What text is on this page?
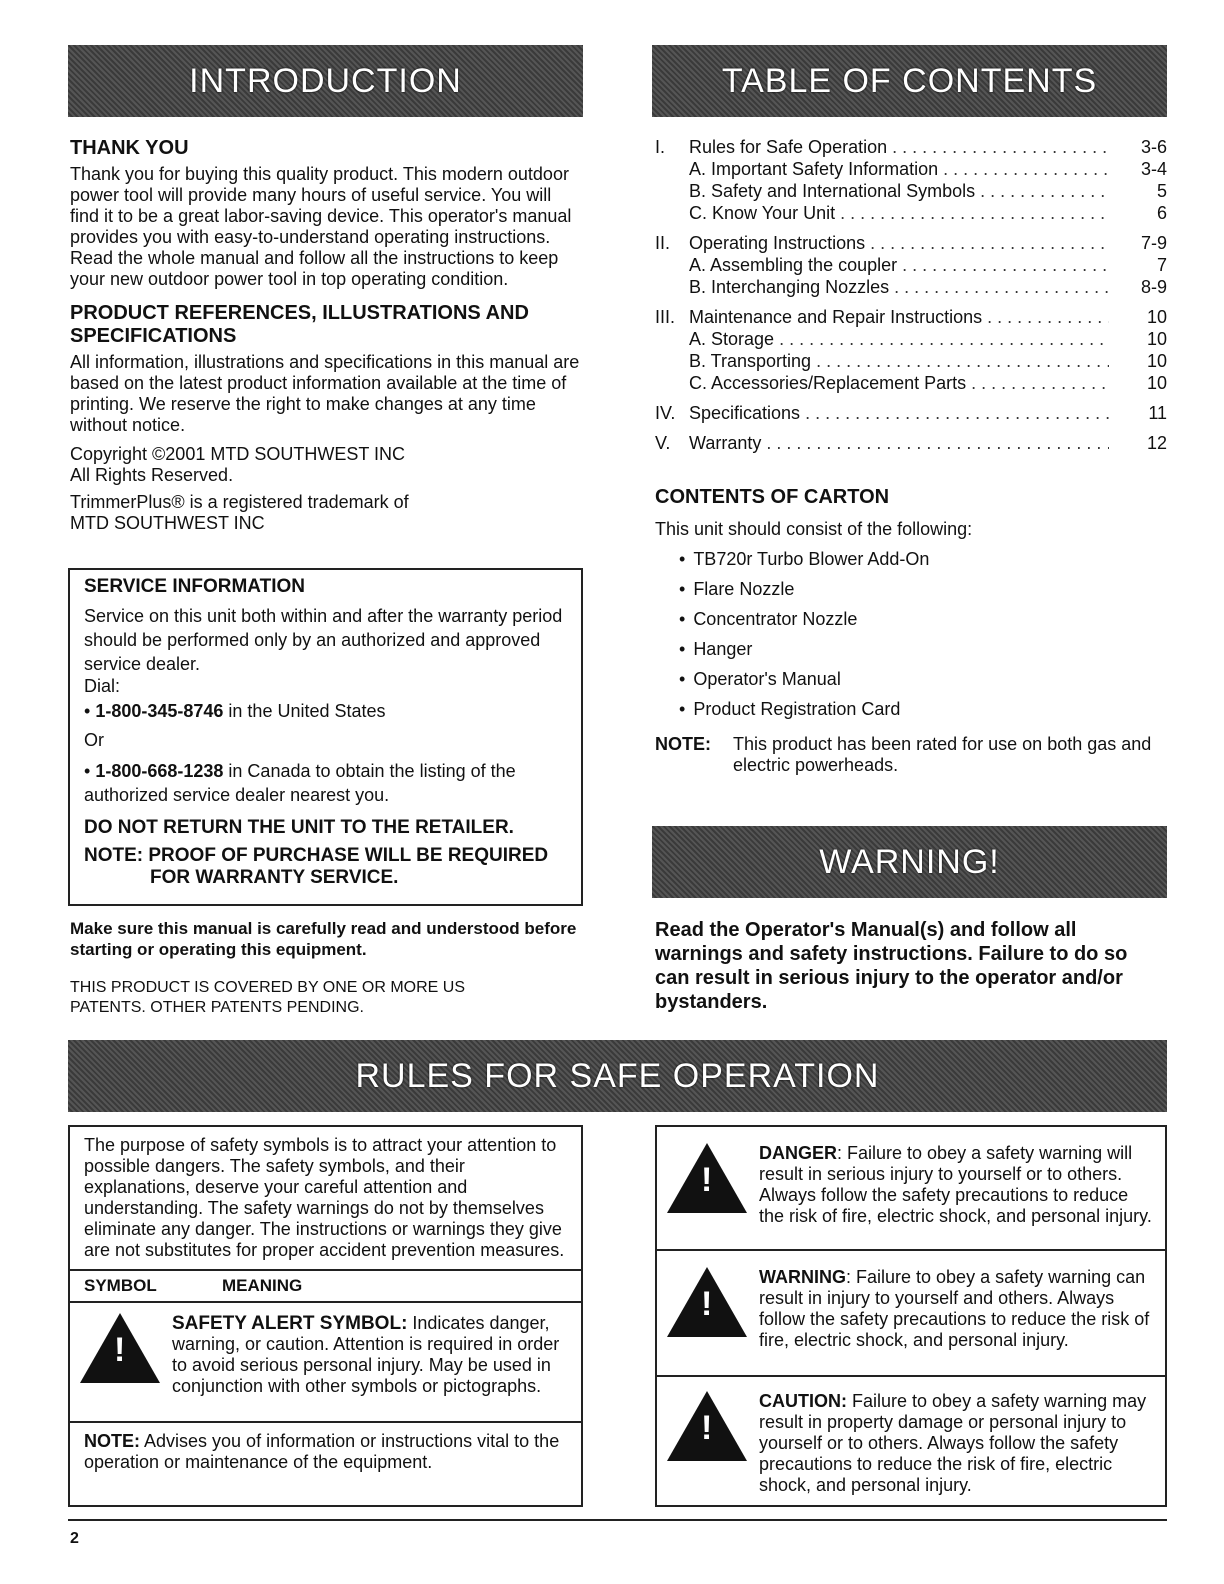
INTRODUCTION	TABLE OF CONTENTS

THANK YOU

Thank you for buying this quality product. This modern outdoor power tool will provide many hours of useful service. You will find it to be a great labor-saving device. This operator's manual provides you with easy-to-understand operating instructions. Read the whole manual and follow all the instructions to keep your new outdoor power tool in top operating condition.

PRODUCT REFERENCES, ILLUSTRATIONS AND SPECIFICATIONS

All information, illustrations and specifications in this manual are based on the latest product information available at the time of printing. We reserve the right to make changes at any time without notice.

Copyright ©2001 MTD SOUTHWEST INC

All Rights Reserved.

TrimmerPlus® is a registered trademark of

MTD SOUTHWEST INC

SERVICE INFORMATION

Service on this unit both within and after the warranty period should be performed only by an authorized and approved service dealer.

Dial:

• 1-800-345-8746 in the United States

Or

• 1-800-668-1238 in Canada to obtain the listing of the authorized service dealer nearest you.

DO NOT RETURN THE UNIT TO THE RETAILER.

NOTE: PROOF OF PURCHASE WILL BE REQUIRED

FOR WARRANTY SERVICE.

Make sure this manual is carefully read and understood before starting or operating this equipment.

THIS PRODUCT IS COVERED BY ONE OR MORE US PATENTS. OTHER PATENTS PENDING.

I.	Rules for Safe Operation . . .	3-6
A. Important Safety Information . . .	3-4
B. Safety and International Symbols . . .	5
C. Know Your Unit . . .	6
II.	Operating Instructions . . .	7-9
A. Assembling the coupler . . .	7
B. Interchanging Nozzles . . .	8-9
III. Maintenance and Repair Instructions . . .	10
A. Storage . . .	10
B. Transporting . . .	10
C. Accessories/Replacement Parts . . .	10
IV. Specifications . . .	11
V.	Warranty . . .	12

CONTENTS OF CARTON

This unit should consist of the following:

• TB720r Turbo Blower Add-On
• Flare Nozzle
• Concentrator Nozzle
• Hanger
• Operator's Manual
• Product Registration Card
NOTE:	This product has been rated for use on both gas and electric powerheads.

WARNING!

Read the Operator's Manual(s) and follow all warnings and safety instructions. Failure to do so can result in serious injury to the operator and/or bystanders.

RULES FOR SAFE OPERATION

The purpose of safety symbols is to attract your attention to possible dangers. The safety symbols, and their explanations, deserve your careful attention and understanding. The safety warnings do not by themselves eliminate any danger. The instructions or warnings they give are not substitutes for proper accident prevention measures.

SYMBOL	MEANING
!

SAFETY ALERT SYMBOL: Indicates danger, warning, or caution. Attention is required in order to avoid serious personal injury. May be used in conjunction with other symbols or pictographs.

NOTE: Advises you of information or instructions vital to the operation or maintenance of the equipment.

!

DANGER: Failure to obey a safety warning will result in serious injury to yourself or to others. Always follow the safety precautions to reduce the risk of fire, electric shock, and personal injury.

!

WARNING: Failure to obey a safety warning can result in injury to yourself and others. Always follow the safety precautions to reduce the risk of fire, electric shock, and personal injury.

!

CAUTION: Failure to obey a safety warning may result in property damage or personal injury to yourself or to others. Always follow the safety precautions to reduce the risk of fire, electric shock, and personal injury.

2
